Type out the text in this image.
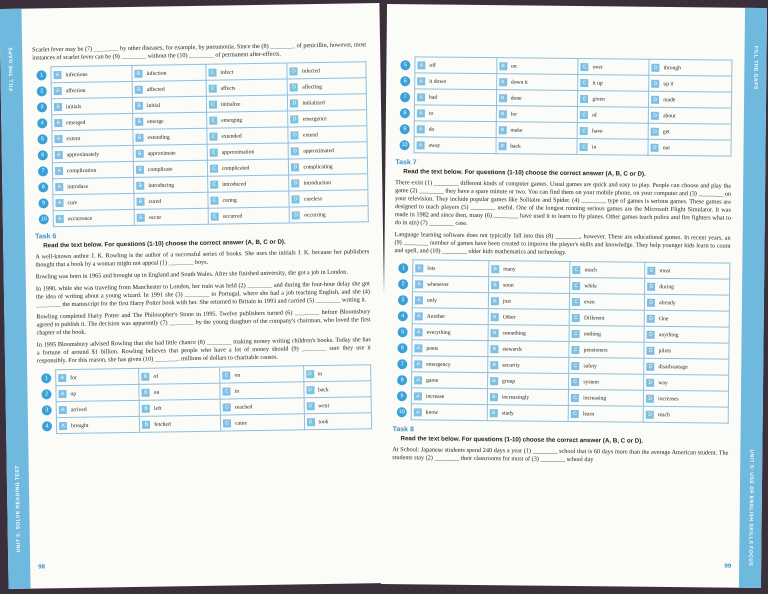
FILL THE GAPS
UNIT 5: SOLVE READING TEST

Scarlet fever may be (7) ________ by other diseases, for example, by pneumonia. Since the (8) ________ of penicillin, however, most instances of scarlet fever can be (9) ________ without the (10) ________ of permanent after-effects.

1	A infectious	B infection	C infect	D infected
2	A affection	B affected	C affects	D affecting
3	A initials	B initial	C initialize	D initialized
4	A emerged	B emerge	C emerging	D emergence
5	A extent	B extending	C extended	D extend
6	A approximately	B approximate	C approximation	D approximated
7	A complication	B complicate	C complicated	D complicating
8	A introduce	B introducing	C introduced	D introduction
9	A cure	B cured	C curing	D cureless
10	A occurrence	B occur	C occurred	D occurring
Task 6
Read the text below. For questions (1-10) choose the correct answer (A, B, C or D).

A well-known author J. K. Rowling is the author of a successful series of books. She uses the initials J. K. because her publishers thought that a book by a woman might not appeal (1) ________ boys.

Rowling was born in 1965 and brought up in England and South Wales. After she finished university, she got a job in London.

In 1990, while she was traveling from Manchester to London, her train was held (2) ________ and during the four-hour delay she got the idea of writing about a young wizard. In 1991 she (3) ________ to Portugal, where she had a job teaching English, and she (4) ________ the manuscript for the first Harry Potter book with her. She returned to Britain in 1993 and carried (5) ________ writing it.

Rowling completed Harry Potter and The Philosopher's Stone in 1995. Twelve publishers turned (6) ________ before Bloomsbury agreed to publish it. The decision was apparently (7) ________ by the young daughter of the company's chairman, who loved the first chapter of the book.

In 1995 Bloomsbury advised Rowling that she had little chance (8) ________ making money writing children's books. Today she has a fortune of around $1 billion. Rowling believes that people who have a lot of money should (9) ________ sure they use it responsibly. For this reason, she has given (10) ________ millions of dollars to charitable causes.

1	A for	B of	C on	D to
2	A up	B on	C in	D back
3	A arrived	B left	C reached	D went
4	A brought	B fetched	C came	D took
98
FILL THE GAPS
UNIT 5: USE OF ENGLISH SKILLS FOCUS
5	A off	B on	C over	D through
6	A it down	B down it	C it up	D up it
7	A had	B done	C given	D made
8	A to	B for	C of	D about
9	A do	B make	C have	D get
10	A away	B back	C in	D out
Task 7
Read the text below. For questions (1-10) choose the correct answer (A, B, C or D).

There exist (1) ________ different kinds of computer games. Usual games are quick and easy to play. People can choose and play the game (2) ________ they have a spare minute or two. You can find them on your mobile phone, on your computer and (3) ________ on your television. They include popular games like Solitaire and Spider. (4) ________ type of games is serious games. These games are designed to teach players (5) ________ useful. One of the longest running serious games are the Microsoft Flight Simulator. It was made in 1982 and since then, many (6) ________ have used it to learn to fly planes. Other games teach police and fire fighters what to do in a(n) (7) ________ case.

Language learning software does not typically fall into this (8) ________, however. These are educational games. In recent years, an (9) ________ number of games have been created to improve the player's skills and knowledge. They help younger kids learn to count and spell, and (10) ________ older kids mathematics and technology.

1	A lots	B many	C much	D most
2	A whenever	B soon	C while	D during
3	A only	B just	C even	D already
4	A Another	B Other	C Different	D One
5	A everything	B something	C nothing	D anything
6	A poets	B stewards	C pensioners	D pilots
7	A emergency	B security	C safety	D disadvantage
8	A game	B group	C system	D way
9	A increase	B increasingly	C increasing	D increases
10	A know	B study	C learn	D teach
Task 8
Read the text below. For questions (1-10) choose the correct answer (A, B, C or D).

At School: Japanese students spend 240 days a year (1) ________ school that is 60 days more than the average American student. The students stay (2) ________ their classrooms for most of (3) ________ school day

99
